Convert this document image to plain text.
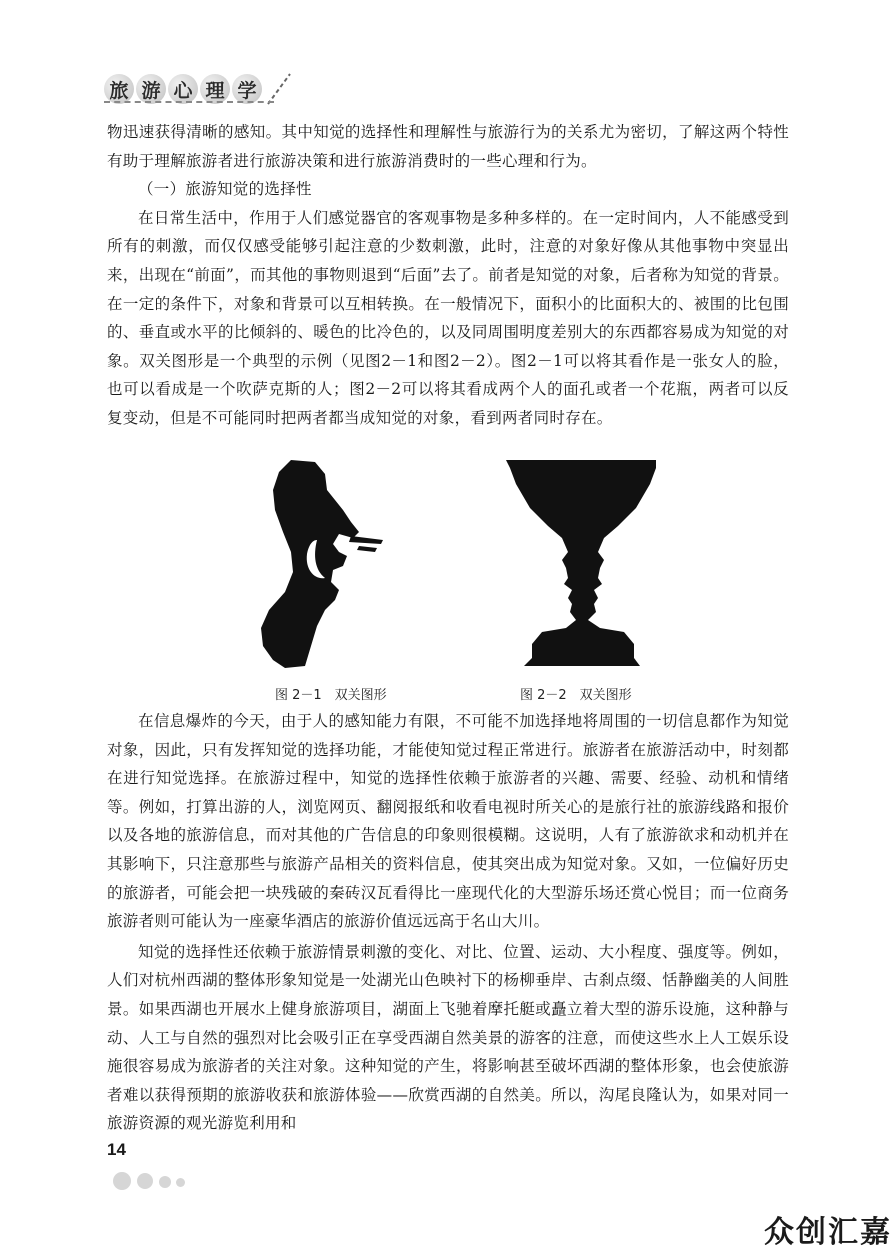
旅 游 心 理 学

物迅速获得清晰的感知。其中知觉的选择性和理解性与旅游行为的关系尤为密切，了解这两个特性有助于理解旅游者进行旅游决策和进行旅游消费时的一些心理和行为。

（一）旅游知觉的选择性

在日常生活中，作用于人们感觉器官的客观事物是多种多样的。在一定时间内，人不能感受到所有的刺激，而仅仅感受能够引起注意的少数刺激，此时，注意的对象好像从其他事物中突显出来，出现在“前面”，而其他的事物则退到“后面”去了。前者是知觉的对象，后者称为知觉的背景。在一定的条件下，对象和背景可以互相转换。在一般情况下，面积小的比面积大的、被围的比包围的、垂直或水平的比倾斜的、暖色的比冷色的，以及同周围明度差别大的东西都容易成为知觉的对象。双关图形是一个典型的示例（见图2－1和图2－2）。图2－1可以将其看作是一张女人的脸，也可以看成是一个吹萨克斯的人；图2－2可以将其看成两个人的面孔或者一个花瓶，两者可以反复变动，但是不可能同时把两者都当成知觉的对象，看到两者同时存在。

图 2－1　双关图形	图 2－2　双关图形

在信息爆炸的今天，由于人的感知能力有限，不可能不加选择地将周围的一切信息都作为知觉对象，因此，只有发挥知觉的选择功能，才能使知觉过程正常进行。旅游者在旅游活动中，时刻都在进行知觉选择。在旅游过程中，知觉的选择性依赖于旅游者的兴趣、需要、经验、动机和情绪等。例如，打算出游的人，浏览网页、翻阅报纸和收看电视时所关心的是旅行社的旅游线路和报价以及各地的旅游信息，而对其他的广告信息的印象则很模糊。这说明，人有了旅游欲求和动机并在其影响下，只注意那些与旅游产品相关的资料信息，使其突出成为知觉对象。又如，一位偏好历史的旅游者，可能会把一块残破的秦砖汉瓦看得比一座现代化的大型游乐场还赏心悦目；而一位商务旅游者则可能认为一座豪华酒店的旅游价值远远高于名山大川。

知觉的选择性还依赖于旅游情景刺激的变化、对比、位置、运动、大小程度、强度等。例如，人们对杭州西湖的整体形象知觉是一处湖光山色映衬下的杨柳垂岸、古刹点缀、恬静幽美的人间胜景。如果西湖也开展水上健身旅游项目，湖面上飞驰着摩托艇或矗立着大型的游乐设施，这种静与动、人工与自然的强烈对比会吸引正在享受西湖自然美景的游客的注意，而使这些水上人工娱乐设施很容易成为旅游者的关注对象。这种知觉的产生，将影响甚至破坏西湖的整体形象，也会使旅游者难以获得预期的旅游收获和旅游体验——欣赏西湖的自然美。所以，沟尾良隆认为，如果对同一旅游资源的观光游览利用和

14
众创汇嘉
